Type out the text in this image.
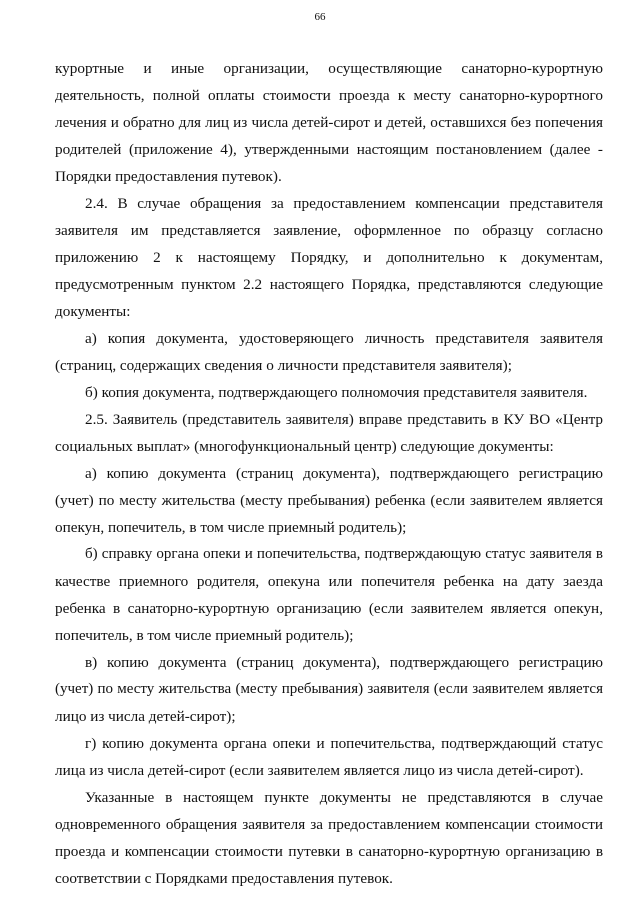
66
курортные и иные организации, осуществляющие санаторно-курортную
деятельность, полной оплаты стоимости проезда к месту санаторно-курортного
лечения и обратно для лиц из числа детей-сирот и детей, оставшихся без попечения
родителей (приложение 4), утвержденными настоящим постановлением (далее -
Порядки предоставления путевок).
2.4. В случае обращения за предоставлением компенсации представителя
заявителя им представляется заявление, оформленное по образцу согласно
приложению 2 к настоящему Порядку, и дополнительно к документам,
предусмотренным пунктом 2.2 настоящего Порядка, представляются следующие
документы:
а) копия документа, удостоверяющего личность представителя заявителя
(страниц, содержащих сведения о личности представителя заявителя);
б) копия документа, подтверждающего полномочия представителя заявителя.
2.5. Заявитель (представитель заявителя) вправе представить в КУ ВО «Центр
социальных выплат» (многофункциональный центр) следующие документы:
а) копию документа (страниц документа), подтверждающего регистрацию
(учет) по месту жительства (месту пребывания) ребенка (если заявителем является
опекун, попечитель, в том числе приемный родитель);
б) справку органа опеки и попечительства, подтверждающую статус заявителя в
качестве приемного родителя, опекуна или попечителя ребенка на дату заезда
ребенка в санаторно-курортную организацию (если заявителем является опекун,
попечитель, в том числе приемный родитель);
в) копию документа (страниц документа), подтверждающего регистрацию
(учет) по месту жительства (месту пребывания) заявителя (если заявителем является
лицо из числа детей-сирот);
г) копию документа органа опеки и попечительства, подтверждающий статус
лица из числа детей-сирот (если заявителем является лицо из числа детей-сирот).
Указанные в настоящем пункте документы не представляются в случае
одновременного обращения заявителя за предоставлением компенсации стоимости
проезда и компенсации стоимости путевки в санаторно-курортную организацию в
соответствии с Порядками предоставления путевок.
